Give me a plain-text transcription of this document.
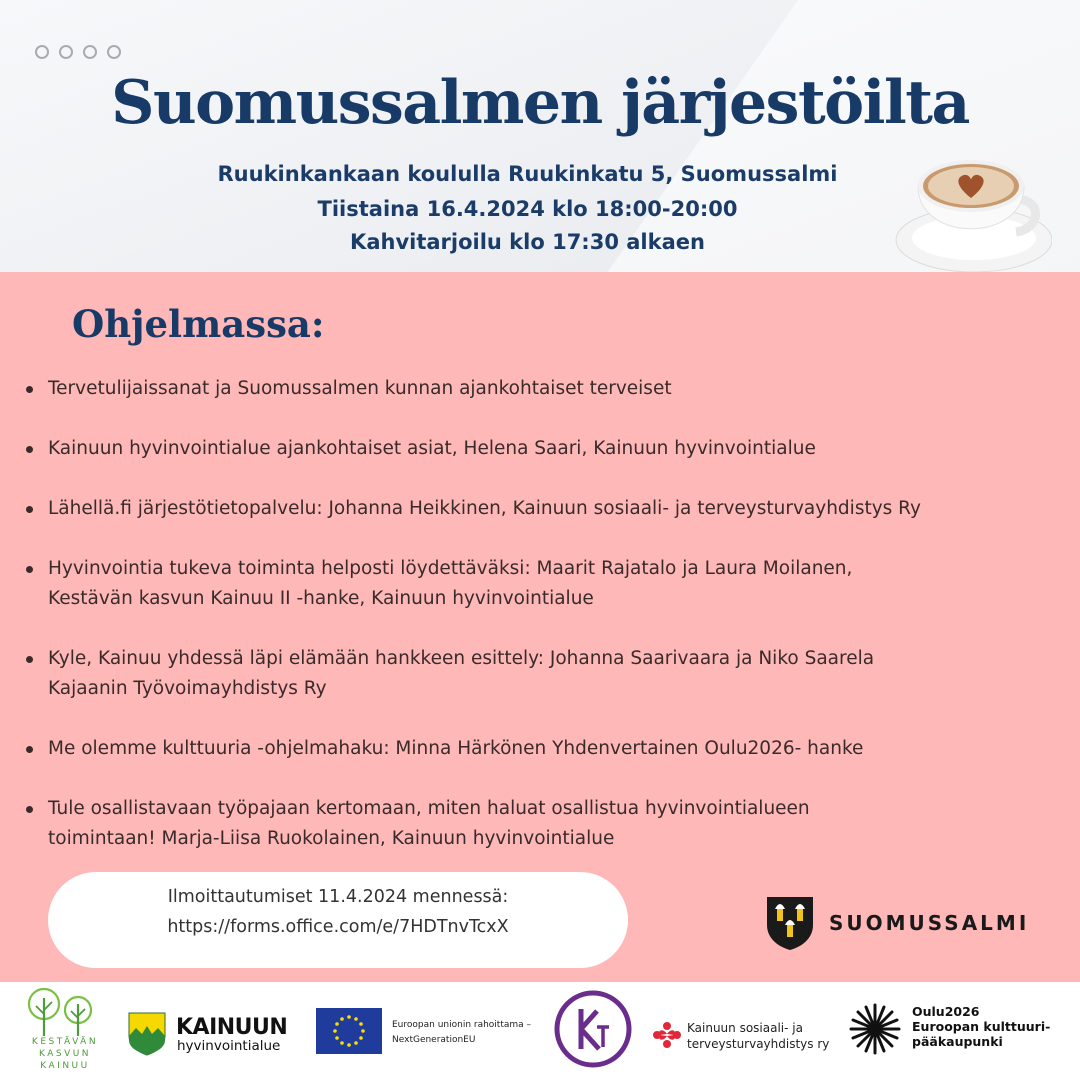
Suomussalmen järjestöilta
Ruukinkankaan koululla Ruukinkatu 5, Suomussalmi
Tiistaina 16.4.2024 klo 18:00-20:00
Kahvitarjoilu klo 17:30 alkaen
Ohjelmassa:
Tervetulijaissanat ja Suomussalmen kunnan ajankohtaiset terveiset
Kainuun hyvinvointialue ajankohtaiset asiat, Helena Saari, Kainuun hyvinvointialue
Lähellä.fi järjestötietopalvelu: Johanna Heikkinen, Kainuun sosiaali- ja terveysturvayhdistys Ry
Hyvinvointia tukeva toiminta helposti löydettäväksi: Maarit Rajatalo ja Laura Moilanen,
Kestävän kasvun Kainuu II -hanke, Kainuun hyvinvointialue
Kyle, Kainuu yhdessä läpi elämään hankkeen esittely: Johanna Saarivaara ja Niko Saarela
Kajaanin Työvoimayhdistys Ry
Me olemme kulttuuria -ohjelmahaku: Minna Härkönen Yhdenvertainen Oulu2026- hanke
Tule osallistavaan työpajaan kertomaan, miten haluat osallistua hyvinvointialueen
toimintaan! Marja-Liisa Ruokolainen, Kainuun hyvinvointialue
Ilmoittautumiset 11.4.2024 mennessä:
https://forms.office.com/e/7HDTnvTcxX	SUOMUSSALMI
KESTÄVÄN
KASVUN
KAINUU
KAINUUN
hyvinvointialue
Euroopan unionin rahoittama –
NextGenerationEU
Kainuun sosiaali- ja
terveysturvayhdistys ry
Oulu2026
Euroopan kulttuuri-
pääkaupunki
